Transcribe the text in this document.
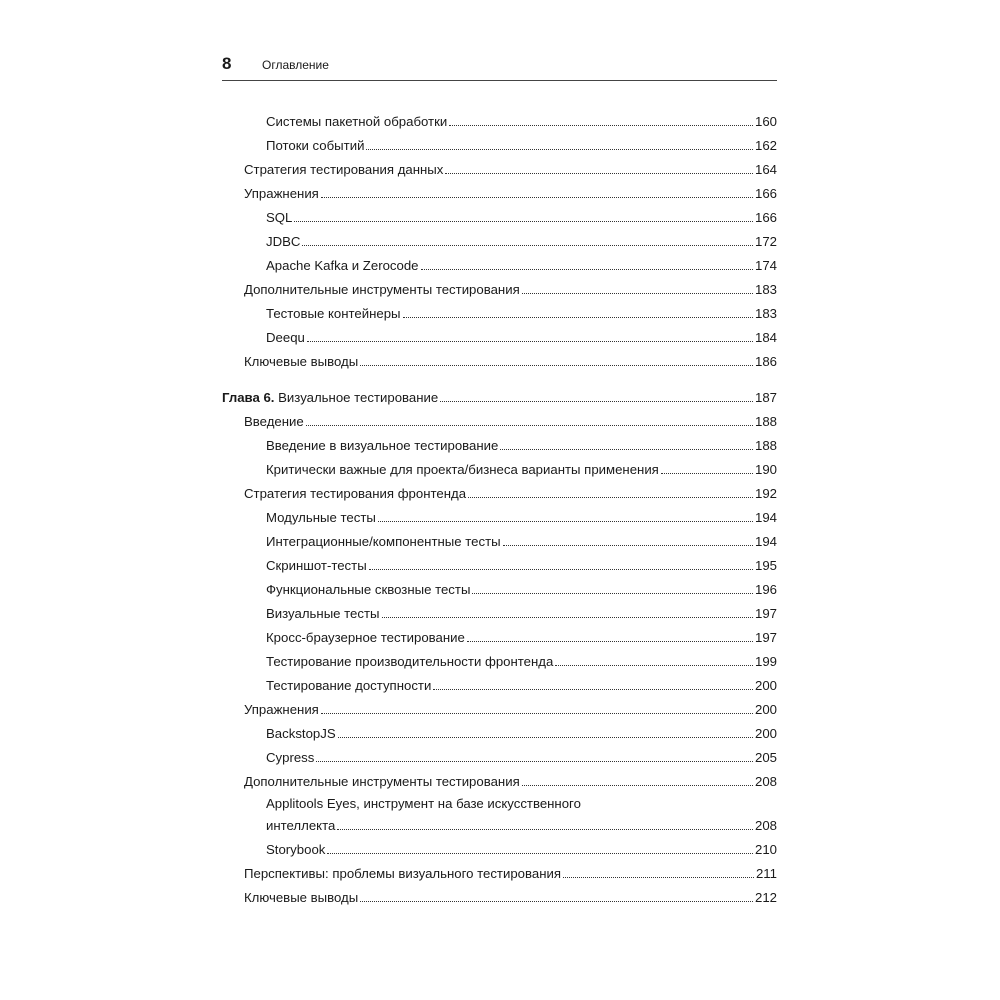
8	Оглавление
Системы пакетной обработки	160
Потоки событий	162
Стратегия тестирования данных	164
Упражнения	166
SQL	166
JDBC	172
Apache Kafka и Zerocode	174
Дополнительные инструменты тестирования	183
Тестовые контейнеры	183
Deequ	184
Ключевые выводы	186
Глава 6. Визуальное тестирование	187
Введение	188
Введение в визуальное тестирование	188
Критически важные для проекта/бизнеса варианты применения	190
Стратегия тестирования фронтенда	192
Модульные тесты	194
Интеграционные/компонентные тесты	194
Скриншот-тесты	195
Функциональные сквозные тесты	196
Визуальные тесты	197
Кросс-браузерное тестирование	197
Тестирование производительности фронтенда	199
Тестирование доступности	200
Упражнения	200
BackstopJS	200
Cypress	205
Дополнительные инструменты тестирования	208
Applitools Eyes, инструмент на базе искусственного
интеллекта	208
Storybook	210
Перспективы: проблемы визуального тестирования	211
Ключевые выводы	212
